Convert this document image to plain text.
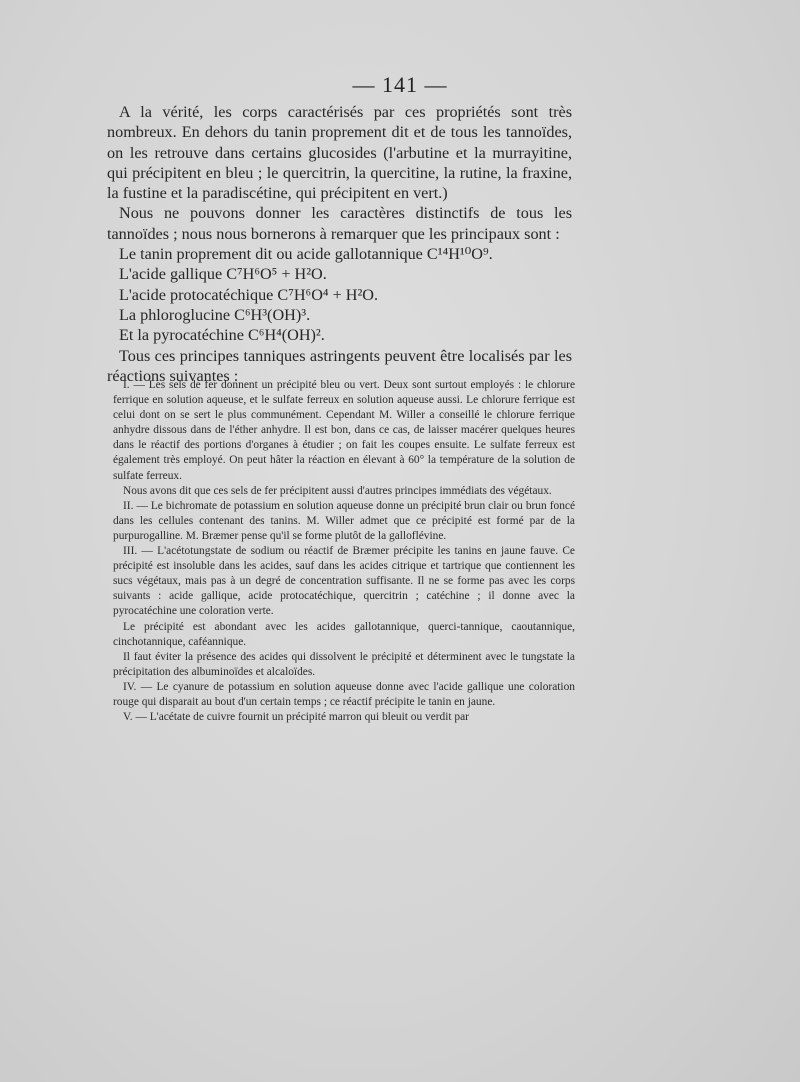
— 141 —

A la vérité, les corps caractérisés par ces propriétés sont très nombreux. En dehors du tanin proprement dit et de tous les tannoïdes, on les retrouve dans certains glucosides (l'arbutine et la murrayitine, qui précipitent en bleu ; le quercitrin, la quercitine, la rutine, la fraxine, la fustine et la paradiscétine, qui précipitent en vert.)

Nous ne pouvons donner les caractères distinctifs de tous les tannoïdes ; nous nous bornerons à remarquer que les principaux sont :

Le tanin proprement dit ou acide gallotannique C¹⁴H¹⁰O⁹.

L'acide gallique C⁷H⁶O⁵ + H²O.

L'acide protocatéchique C⁷H⁶O⁴ + H²O.

La phloroglucine C⁶H³(OH)³.

Et la pyrocatéchine C⁶H⁴(OH)².

Tous ces principes tanniques astringents peuvent être localisés par les réactions suivantes :

I. — Les sels de fer donnent un précipité bleu ou vert. Deux sont surtout employés : le chlorure ferrique en solution aqueuse, et le sulfate ferreux en solution aqueuse aussi. Le chlorure ferrique est celui dont on se sert le plus communément. Cependant M. Willer a conseillé le chlorure ferrique anhydre dissous dans de l'éther anhydre. Il est bon, dans ce cas, de laisser macérer quelques heures dans le réactif des portions d'organes à étudier ; on fait les coupes ensuite. Le sulfate ferreux est également très employé. On peut hâter la réaction en élevant à 60° la température de la solution de sulfate ferreux.

Nous avons dit que ces sels de fer précipitent aussi d'autres principes immédiats des végétaux.

II. — Le bichromate de potassium en solution aqueuse donne un précipité brun clair ou brun foncé dans les cellules contenant des tanins. M. Willer admet que ce précipité est formé par de la purpurogalline. M. Bræmer pense qu'il se forme plutôt de la galloflévine.

III. — L'acétotungstate de sodium ou réactif de Bræmer précipite les tanins en jaune fauve. Ce précipité est insoluble dans les acides, sauf dans les acides citrique et tartrique que contiennent les sucs végétaux, mais pas à un degré de concentration suffisante. Il ne se forme pas avec les corps suivants : acide gallique, acide protocatéchique, quercitrin ; catéchine ; il donne avec la pyrocatéchine une coloration verte.

Le précipité est abondant avec les acides gallotannique, querci-tannique, caoutannique, cinchotannique, caféannique.

Il faut éviter la présence des acides qui dissolvent le précipité et déterminent avec le tungstate la précipitation des albuminoïdes et alcaloïdes.

IV. — Le cyanure de potassium en solution aqueuse donne avec l'acide gallique une coloration rouge qui disparait au bout d'un certain temps ; ce réactif précipite le tanin en jaune.

V. — L'acétate de cuivre fournit un précipité marron qui bleuit ou verdit par
